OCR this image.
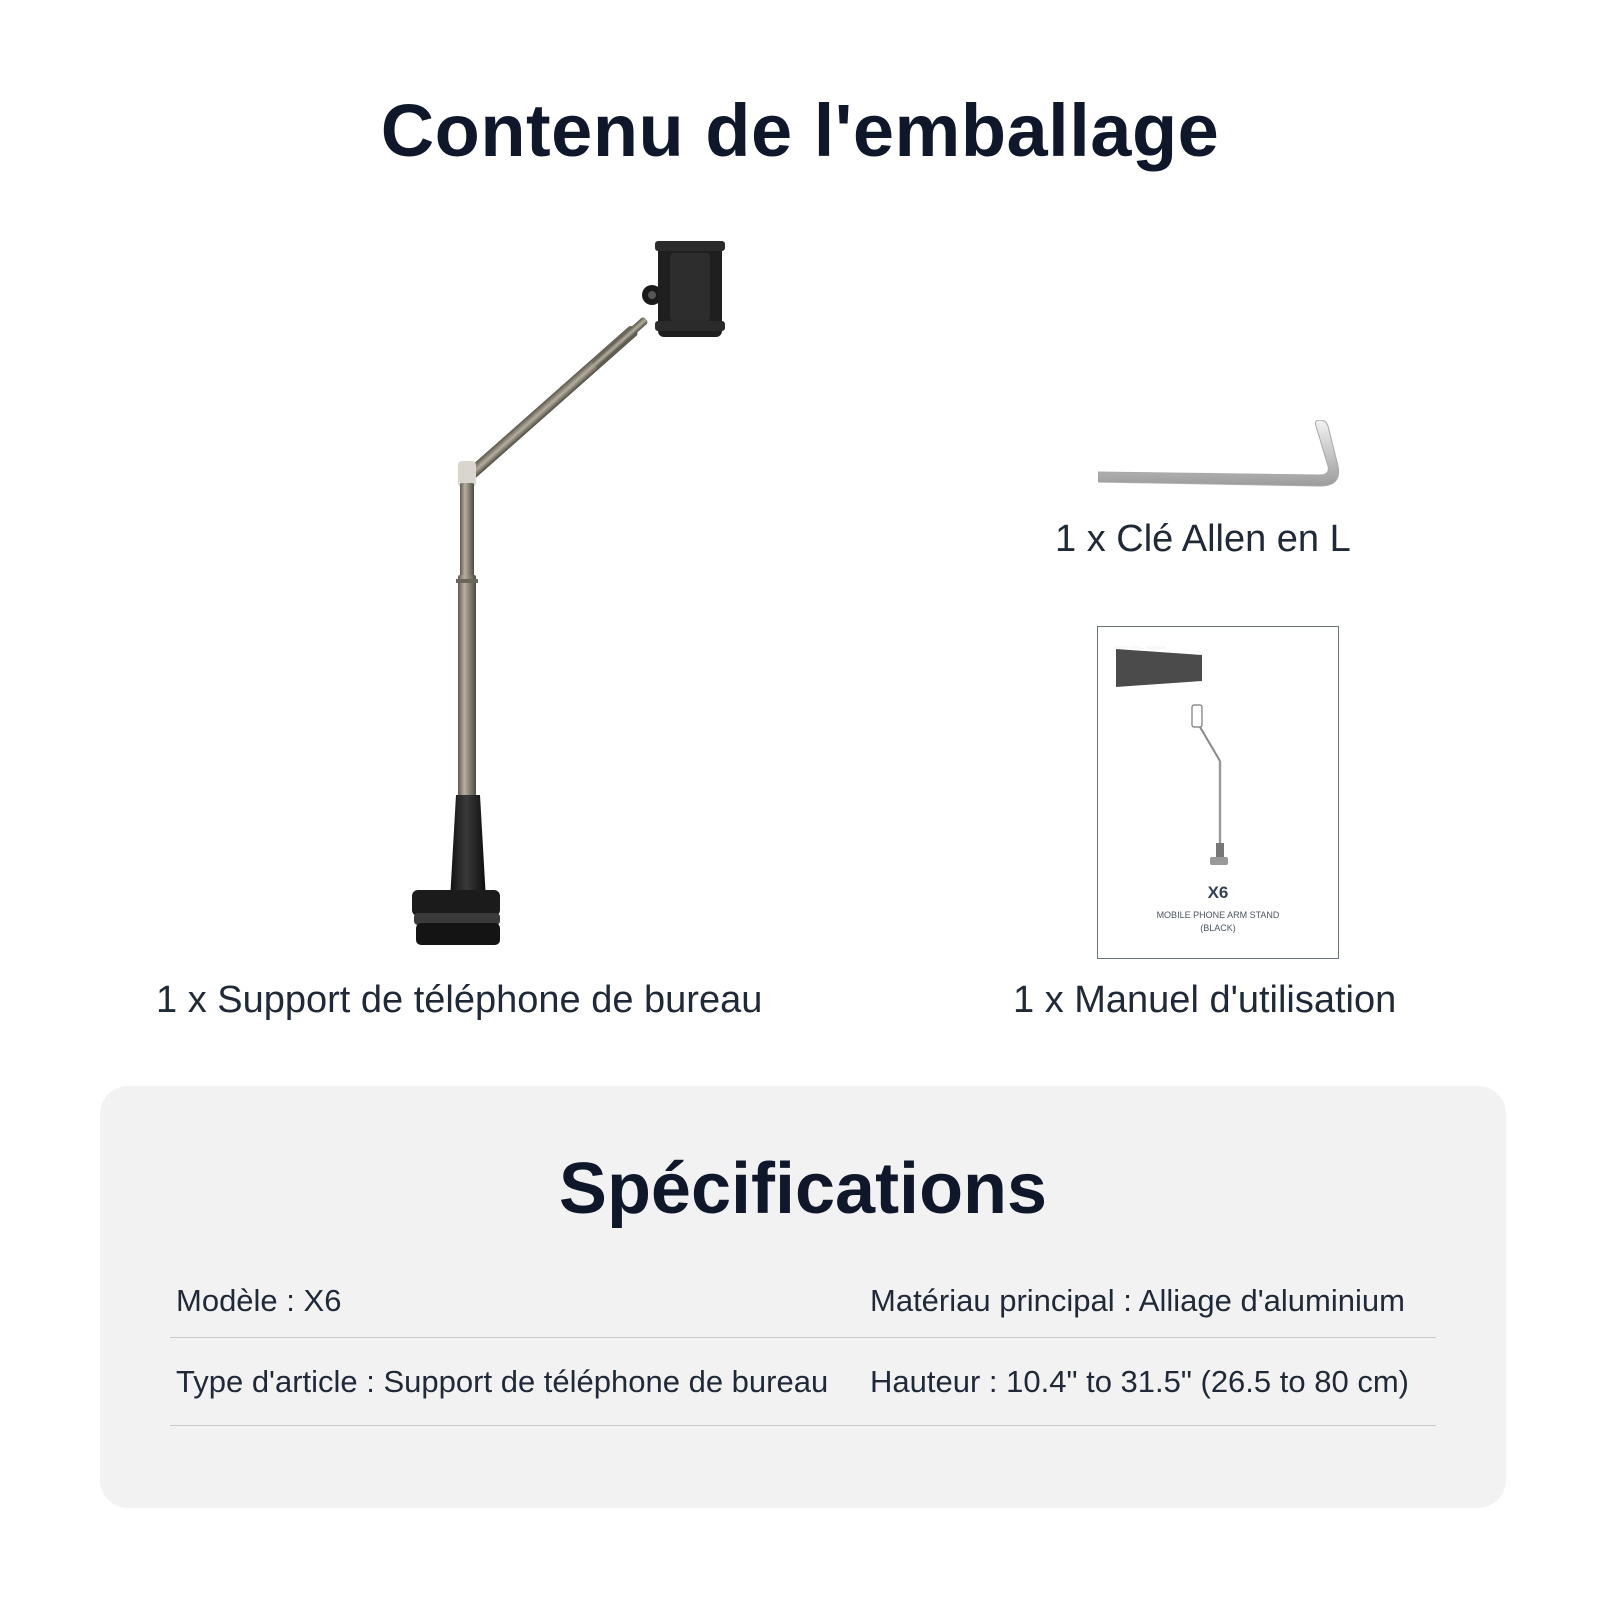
Contenu de l'emballage
1 x Support de téléphone de bureau
1 x Clé Allen en L
NEEWER
ENTRY LEVEL VERSION
X6
MOBILE PHONE ARM STAND
(BLACK)
1 x Manuel d'utilisation
Spécifications
Modèle : X6	Matériau principal : Alliage d'aluminium
Type d'article : Support de téléphone de bureau Hauteur : 10.4" to 31.5" (26.5 to 80 cm)
